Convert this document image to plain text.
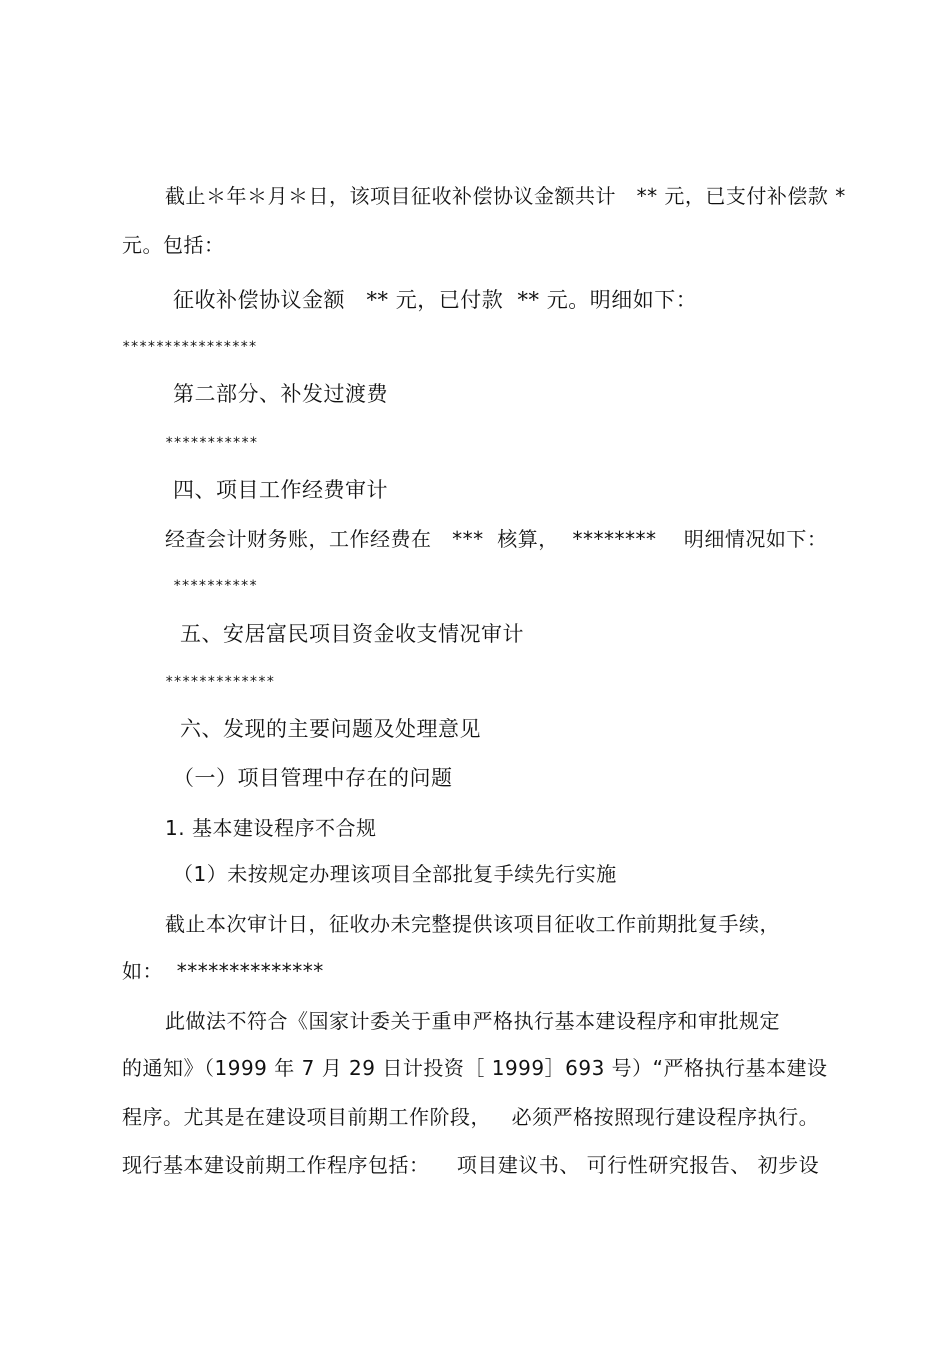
截止＊年＊月＊日，该项目征收补偿协议金额共计   ** 元，已支付补偿款 *
元。包括：
征收补偿协议金额   ** 元，已付款  ** 元。明细如下：
****************
第二部分、补发过渡费
***********
四、项目工作经费审计
经查会计财务账，工作经费在   ***  核算，  ********    明细情况如下：
**********
五、安居富民项目资金收支情况审计
*************
六、发现的主要问题及处理意见
（一）项目管理中存在的问题
1. 基本建设程序不合规
（1）未按规定办理该项目全部批复手续先行实施
截止本次审计日，征收办未完整提供该项目征收工作前期批复手续，
如：  **************
此做法不符合《国家计委关于重申严格执行基本建设程序和审批规定
的通知》（1999 年 7 月 29 日计投资［ 1999］693 号）“严格执行基本建设
程序。尤其是在建设项目前期工作阶段，   必须严格按照现行建设程序执行。
现行基本建设前期工作程序包括：    项目建议书、 可行性研究报告、 初步设
